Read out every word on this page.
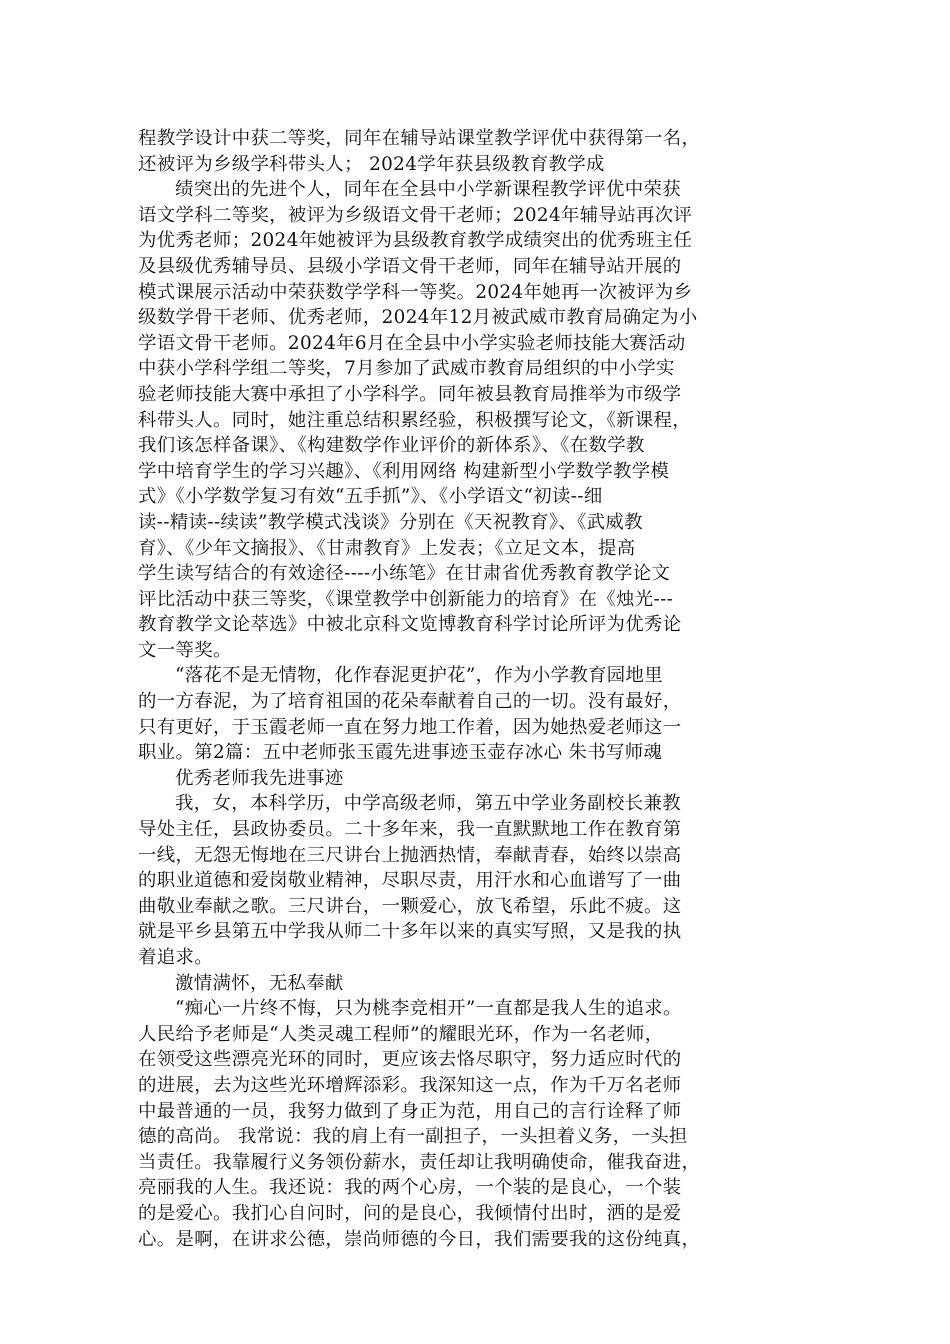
程教学设计中获二等奖，同年在辅导站课堂教学评优中获得第一名，
还被评为乡级学科带头人； 2024学年获县级教育教学成
绩突出的先进个人，同年在全县中小学新课程教学评优中荣获
语文学科二等奖，被评为乡级语文骨干老师；2024年辅导站再次评
为优秀老师；2024年她被评为县级教育教学成绩突出的优秀班主任
及县级优秀辅导员、县级小学语文骨干老师，同年在辅导站开展的
模式课展示活动中荣获数学学科一等奖。2024年她再一次被评为乡
级数学骨干老师、优秀老师，2024年12月被武威市教育局确定为小
学语文骨干老师。2024年6月在全县中小学实验老师技能大赛活动
中获小学科学组二等奖，7月参加了武威市教育局组织的中小学实
验老师技能大赛中承担了小学科学。同年被县教育局推举为市级学
科带头人。同时，她注重总结积累经验，积极撰写论文，《新课程，
我们该怎样备课》、《构建数学作业评价的新体系》、《在数学教
学中培育学生的学习兴趣》、《利用网络 构建新型小学数学教学模
式》《小学数学复习有效“五手抓”》、《小学语文“初读--细
读--精读--续读”教学模式浅谈》分别在《天祝教育》、《武威教
育》、《少年文摘报》、《甘肃教育》上发表；《立足文本，提高
学生读写结合的有效途径----小练笔》在甘肃省优秀教育教学论文
评比活动中获三等奖，《课堂教学中创新能力的培育》在《烛光---
教育教学文论萃选》中被北京科文览博教育科学讨论所评为优秀论
文一等奖。
“落花不是无情物，化作春泥更护花”，作为小学教育园地里
的一方春泥，为了培育祖国的花朵奉献着自己的一切。没有最好，
只有更好，于玉霞老师一直在努力地工作着，因为她热爱老师这一
职业。第2篇：五中老师张玉霞先进事迹玉壶存冰心 朱书写师魂
优秀老师我先进事迹
我，女，本科学历，中学高级老师，第五中学业务副校长兼教
导处主任，县政协委员。二十多年来，我一直默默地工作在教育第
一线，无怨无悔地在三尺讲台上抛洒热情，奉献青春，始终以崇高
的职业道德和爱岗敬业精神，尽职尽责，用汗水和心血谱写了一曲
曲敬业奉献之歌。三尺讲台，一颗爱心，放飞希望，乐此不疲。这
就是平乡县第五中学我从师二十多年以来的真实写照，又是我的执
着追求。
激情满怀，无私奉献
“痴心一片终不悔，只为桃李竞相开”一直都是我人生的追求。
人民给予老师是“人类灵魂工程师”的耀眼光环，作为一名老师，
在领受这些漂亮光环的同时，更应该去恪尽职守，努力适应时代的
的进展，去为这些光环增辉添彩。我深知这一点，作为千万名老师
中最普通的一员，我努力做到了身正为范，用自己的言行诠释了师
德的高尚。 我常说：我的肩上有一副担子，一头担着义务，一头担
当责任。我靠履行义务领份薪水，责任却让我明确使命，催我奋进，
亮丽我的人生。我还说：我的两个心房，一个装的是良心，一个装
的是爱心。我扪心自问时，问的是良心，我倾情付出时，洒的是爱
心。是啊，在讲求公德，崇尚师德的今日，我们需要我的这份纯真，
